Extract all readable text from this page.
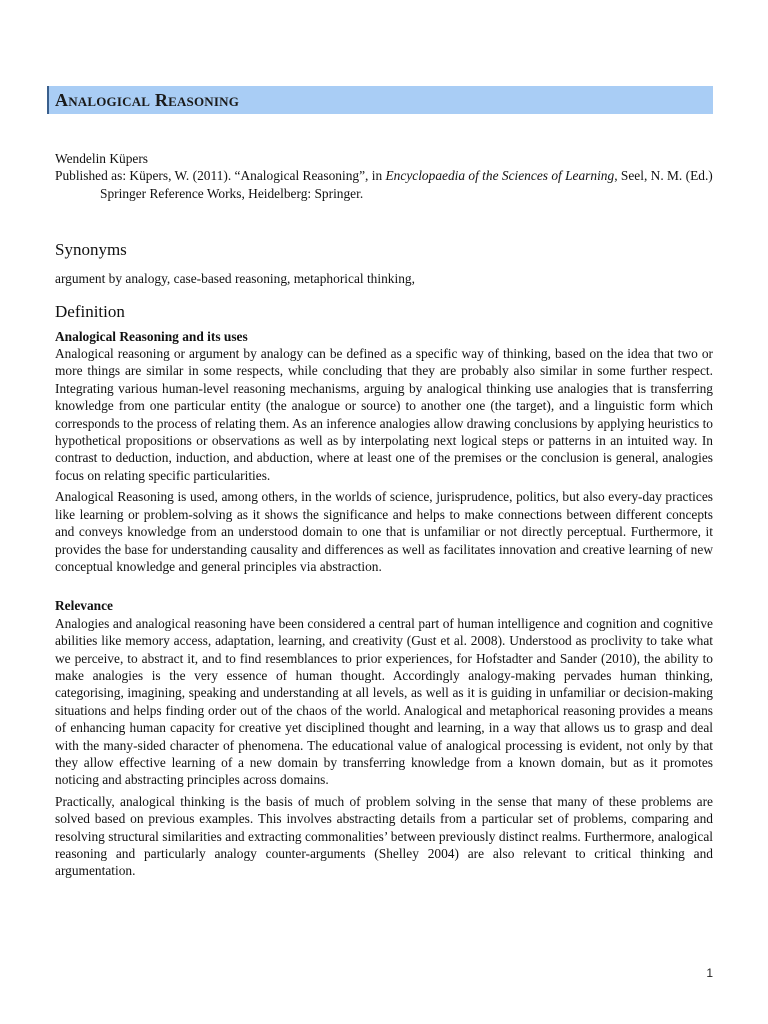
Analogical Reasoning

Wendelin Küpers

Published as: Küpers, W. (2011). “Analogical Reasoning”, in Encyclopaedia of the Sciences of Learning, Seel, N. M. (Ed.) Springer Reference Works, Heidelberg: Springer.

Synonyms

argument by analogy, case-based reasoning, metaphorical thinking,

Definition

Analogical Reasoning and its uses

Analogical reasoning or argument by analogy can be defined as a specific way of thinking, based on the idea that two or more things are similar in some respects, while concluding that they are probably also similar in some further respect. Integrating various human-level reasoning mechanisms, arguing by analogical thinking use analogies that is transferring knowledge from one particular entity (the analogue or source) to another one (the target), and a linguistic form which corresponds to the process of relating them. As an inference analogies allow drawing conclusions by applying heuristics to hypothetical propositions or observations as well as by interpolating next logical steps or patterns in an intuited way. In contrast to deduction, induction, and abduction, where at least one of the premises or the conclusion is general, analogies focus on relating specific particularities.

Analogical Reasoning is used, among others, in the worlds of science, jurisprudence, politics, but also every-day practices like learning or problem-solving as it shows the significance and helps to make connections between different concepts and conveys knowledge from an understood domain to one that is unfamiliar or not directly perceptual. Furthermore, it provides the base for understanding causality and differences as well as facilitates innovation and creative learning of new conceptual knowledge and general principles via abstraction.

Relevance

Analogies and analogical reasoning have been considered a central part of human intelligence and cognition and cognitive abilities like memory access, adaptation, learning, and creativity (Gust et al. 2008). Understood as proclivity to take what we perceive, to abstract it, and to find resemblances to prior experiences, for Hofstadter and Sander (2010), the ability to make analogies is the very essence of human thought. Accordingly analogy-making pervades human thinking, categorising, imagining, speaking and understanding at all levels, as well as it is guiding in unfamiliar or decision-making situations and helps finding order out of the chaos of the world. Analogical and metaphorical reasoning provides a means of enhancing human capacity for creative yet disciplined thought and learning, in a way that allows us to grasp and deal with the many-sided character of phenomena. The educational value of analogical processing is evident, not only by that they allow effective learning of a new domain by transferring knowledge from a known domain, but as it promotes noticing and abstracting principles across domains.

Practically, analogical thinking is the basis of much of problem solving in the sense that many of these problems are solved based on previous examples. This involves abstracting details from a particular set of problems, comparing and resolving structural similarities and extracting commonalities’ between previously distinct realms. Furthermore, analogical reasoning and particularly analogy counter-arguments (Shelley 2004) are also relevant to critical thinking and argumentation.

1
